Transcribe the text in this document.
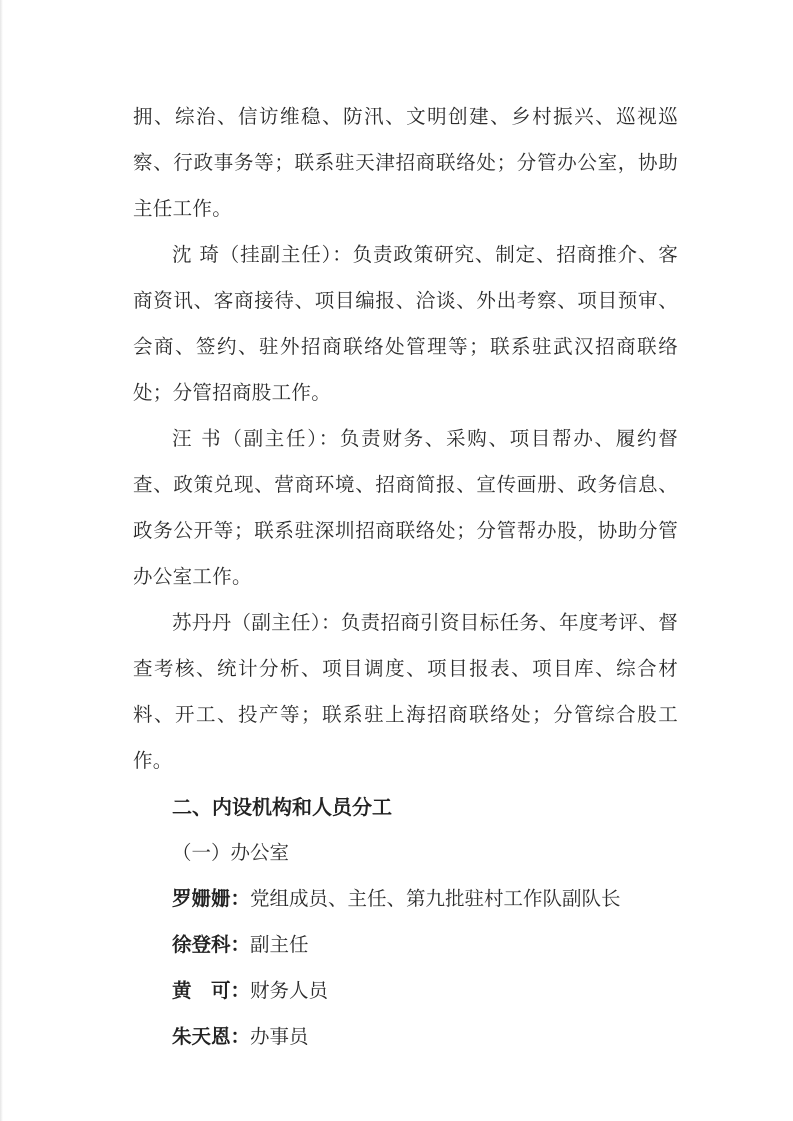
拥、综治、信访维稳、防汛、文明创建、乡村振兴、巡视巡察、行政事务等；联系驻天津招商联络处；分管办公室，协助主任工作。

沈 琦（挂副主任）：负责政策研究、制定、招商推介、客商资讯、客商接待、项目编报、洽谈、外出考察、项目预审、会商、签约、驻外招商联络处管理等；联系驻武汉招商联络处；分管招商股工作。

汪 书（副主任）：负责财务、采购、项目帮办、履约督查、政策兑现、营商环境、招商简报、宣传画册、政务信息、政务公开等；联系驻深圳招商联络处；分管帮办股，协助分管办公室工作。

苏丹丹（副主任）：负责招商引资目标任务、年度考评、督查考核、统计分析、项目调度、项目报表、项目库、综合材料、开工、投产等；联系驻上海招商联络处；分管综合股工作。

二、内设机构和人员分工

（一）办公室

罗姗姗：党组成员、主任、第九批驻村工作队副队长

徐登科：副主任

黄　可：财务人员

朱天恩：办事员
